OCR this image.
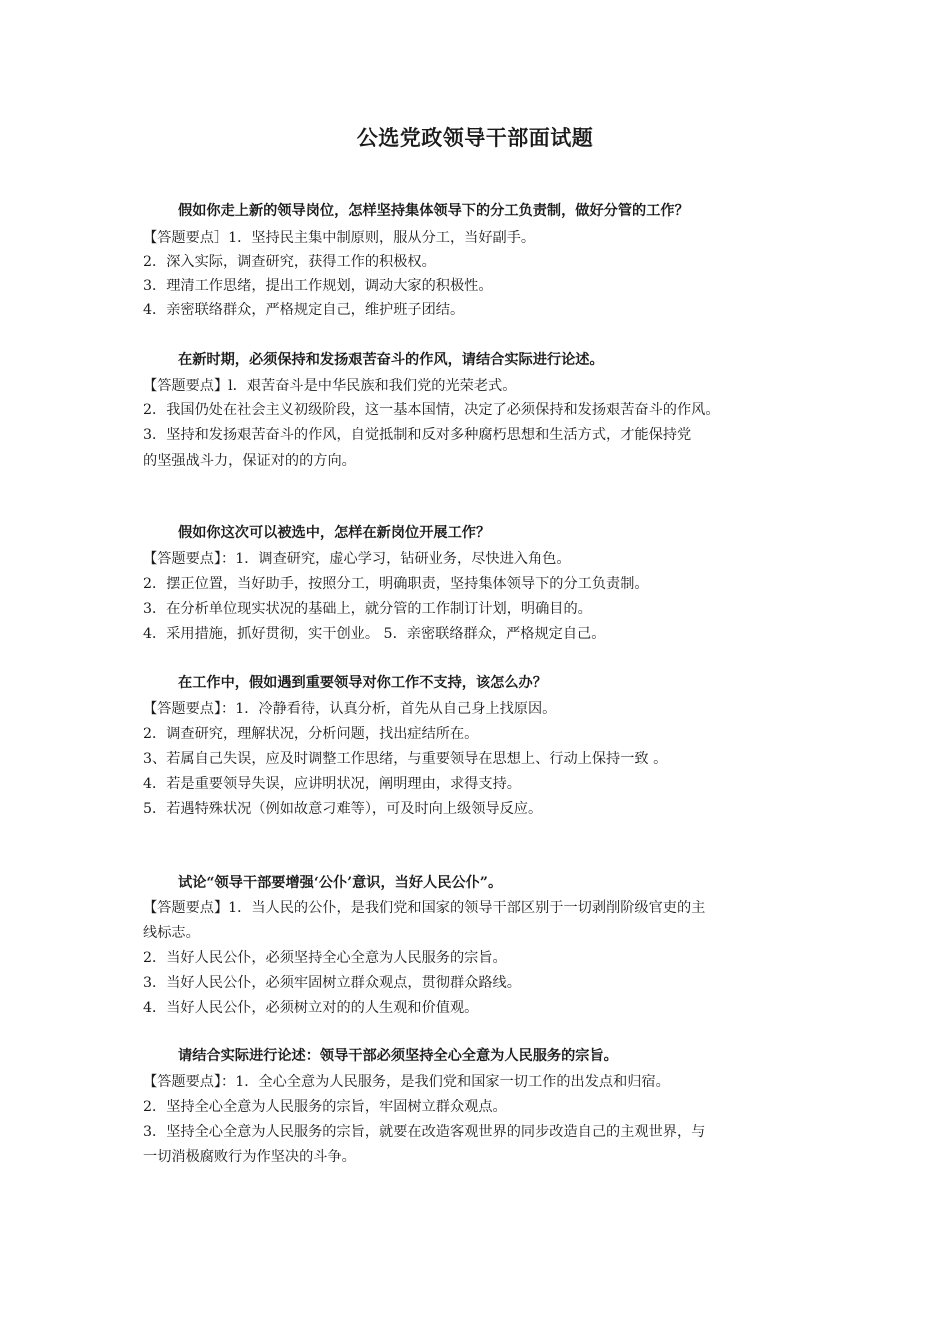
公选党政领导干部面试题
假如你走上新的领导岗位，怎样坚持集体领导下的分工负责制，做好分管的工作？
【答题要点］1．坚持民主集中制原则，服从分工，当好副手。
2．深入实际，调查研究，获得工作的积极权。
3．理清工作思绪，提出工作规划，调动大家的积极性。
4．亲密联络群众，严格规定自己，维护班子团结。
在新时期，必须保持和发扬艰苦奋斗的作风，请结合实际进行论述。
【答题要点】l．艰苦奋斗是中华民族和我们党的光荣老式。
2．我国仍处在社会主义初级阶段，这一基本国情，决定了必须保持和发扬艰苦奋斗的作风。
3．坚持和发扬艰苦奋斗的作风，自觉抵制和反对多种腐朽思想和生活方式，才能保持党
的坚强战斗力，保证对的的方向。
假如你这次可以被选中，怎样在新岗位开展工作？
【答题要点】：1．调查研究，虚心学习，钻研业务，尽快进入角色。
2．摆正位置，当好助手，按照分工，明确职责，坚持集体领导下的分工负责制。
3．在分析单位现实状况的基础上，就分管的工作制订计划，明确目的。
4．采用措施，抓好贯彻，实干创业。 5．亲密联络群众，严格规定自己。
在工作中，假如遇到重要领导对你工作不支持，该怎么办？
【答题要点】：1．冷静看待，认真分析，首先从自己身上找原因。
2．调查研究，理解状况，分析问题，找出症结所在。
3、若属自己失误，应及时调整工作思绪，与重要领导在思想上、行动上保持一致 。
4．若是重要领导失误，应讲明状况，阐明理由，求得支持。
5．若遇特殊状况（例如故意刁难等），可及时向上级领导反应。
试论“领导干部要增强‘公仆’意识，当好人民公仆”。
【答题要点】1．当人民的公仆，是我们党和国家的领导干部区别于一切剥削阶级官吏的主
线标志。
2．当好人民公仆，必须坚持全心全意为人民服务的宗旨。
3．当好人民公仆，必须牢固树立群众观点，贯彻群众路线。
4．当好人民公仆，必须树立对的的人生观和价值观。
请结合实际进行论述：领导干部必须坚持全心全意为人民服务的宗旨。
【答题要点】：1．全心全意为人民服务，是我们党和国家一切工作的出发点和归宿。
2．坚持全心全意为人民服务的宗旨，牢固树立群众观点。
3．坚持全心全意为人民服务的宗旨，就要在改造客观世界的同步改造自己的主观世界，与
一切消极腐败行为作坚决的斗争。
